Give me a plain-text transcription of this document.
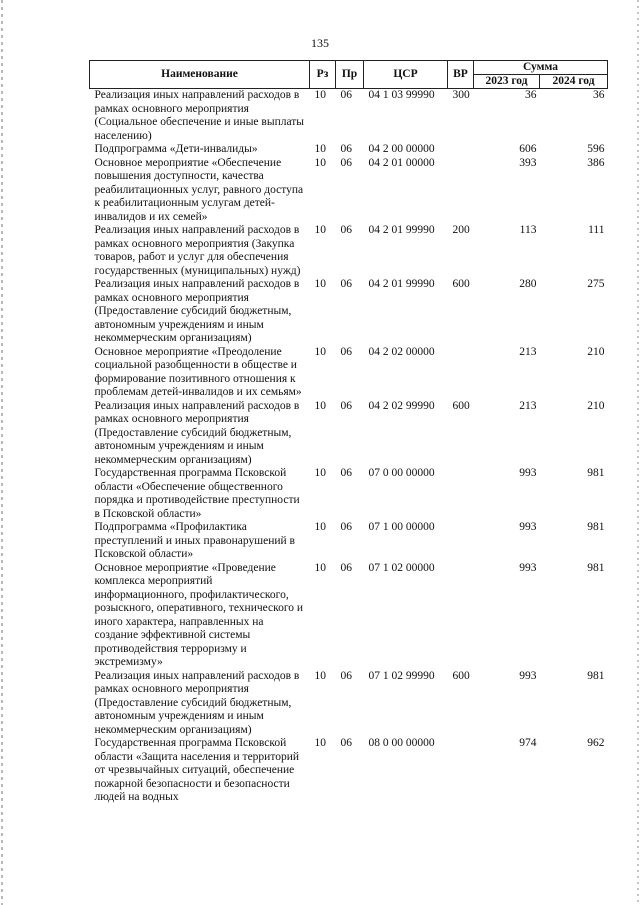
135
Наименование	Рз	Пр	ЦСР	ВР	Сумма	
					2023 год	2024 год
Реализация иных направлений расходов в рамках основного мероприятия (Социальное обеспечение и иные выплаты населению)	10	06	04 1 03 99990	300	36	36
Подпрограмма «Дети-инвалиды»	10	06	04 2 00 00000		606	596
Основное мероприятие «Обеспечение повышения доступности, качества реабилитационных услуг, равного доступа к реабилитационным услугам детей-инвалидов и их семей»	10	06	04 2 01 00000		393	386
Реализация иных направлений расходов в рамках основного мероприятия (Закупка товаров, работ и услуг для обеспечения государственных (муниципальных) нужд)	10	06	04 2 01 99990	200	113	111
Реализация иных направлений расходов в рамках основного мероприятия (Предоставление субсидий бюджетным, автономным учреждениям и иным некоммерческим организациям)	10	06	04 2 01 99990	600	280	275
Основное мероприятие «Преодоление социальной разобщенности в обществе и формирование позитивного отношения к проблемам детей-инвалидов и их семьям»	10	06	04 2 02 00000		213	210
Реализация иных направлений расходов в рамках основного мероприятия (Предоставление субсидий бюджетным, автономным учреждениям и иным некоммерческим организациям)	10	06	04 2 02 99990	600	213	210
Государственная программа Псковской области «Обеспечение общественного порядка и противодействие преступности в Псковской области»	10	06	07 0 00 00000		993	981
Подпрограмма «Профилактика преступлений и иных правонарушений в Псковской области»	10	06	07 1 00 00000		993	981
Основное мероприятие «Проведение комплекса мероприятий информационного, профилактического, розыскного, оперативного, технического и иного характера, направленных на создание эффективной системы противодействия терроризму и экстремизму»	10	06	07 1 02 00000		993	981
Реализация иных направлений расходов в рамках основного мероприятия (Предоставление субсидий бюджетным, автономным учреждениям и иным некоммерческим организациям)	10	06	07 1 02 99990	600	993	981
Государственная программа Псковской области «Защита населения и территорий от чрезвычайных ситуаций, обеспечение пожарной безопасности и безопасности людей на водных	10	06	08 0 00 00000		974	962
